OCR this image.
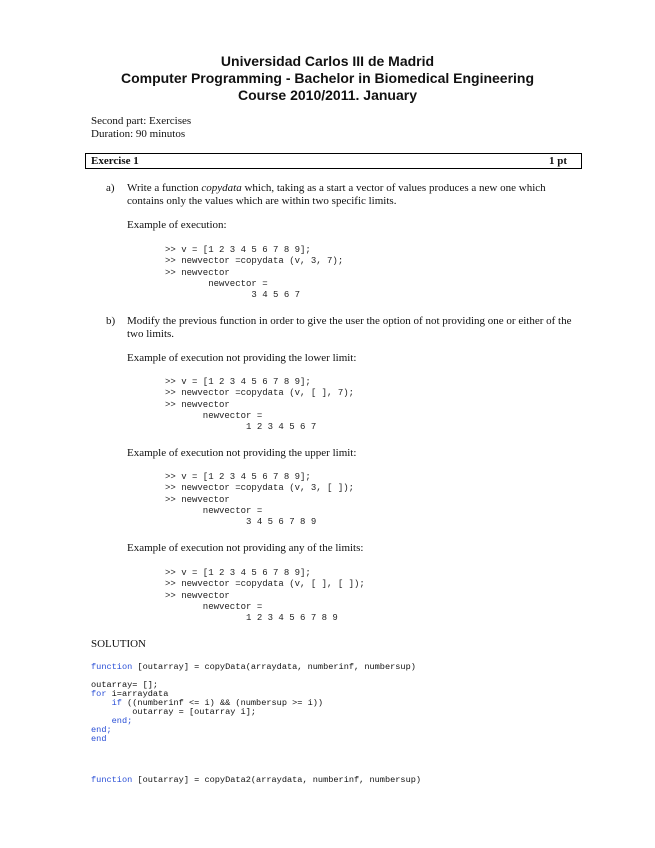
Universidad Carlos III de Madrid
Computer Programming - Bachelor in Biomedical Engineering
Course 2010/2011. January
Second part: Exercises
Duration: 90 minutos
Exercise 1	1 pt
a) Write a function copydata which, taking as a start a vector of values produces a new one which contains only the values which are within two specific limits.
Example of execution:
>> v = [1 2 3 4 5 6 7 8 9];
>> newvector =copydata (v, 3, 7);
>> newvector
newvector =
3 4 5 6 7
b) Modify the previous function in order to give the user the option of not providing one or either of the two limits.
Example of execution not providing the lower limit:
>> v = [1 2 3 4 5 6 7 8 9];
>> newvector =copydata (v, [ ], 7);
>> newvector
newvector =
1 2 3 4 5 6 7
Example of execution not providing the upper limit:
>> v = [1 2 3 4 5 6 7 8 9];
>> newvector =copydata (v, 3, [ ]);
>> newvector
newvector =
3 4 5 6 7 8 9
Example of execution not providing any of the limits:
>> v = [1 2 3 4 5 6 7 8 9];
>> newvector =copydata (v, [ ], [ ]);
>> newvector
newvector =
1 2 3 4 5 6 7 8 9
SOLUTION
function [outarray] = copyData(arraydata, numberinf, numbersup)

outarray= [];
for i=arraydata
if ((numberinf <= i) && (numbersup >= i))
outarray = [outarray i];
end;
end;
end
function [outarray] = copyData2(arraydata, numberinf, numbersup)
